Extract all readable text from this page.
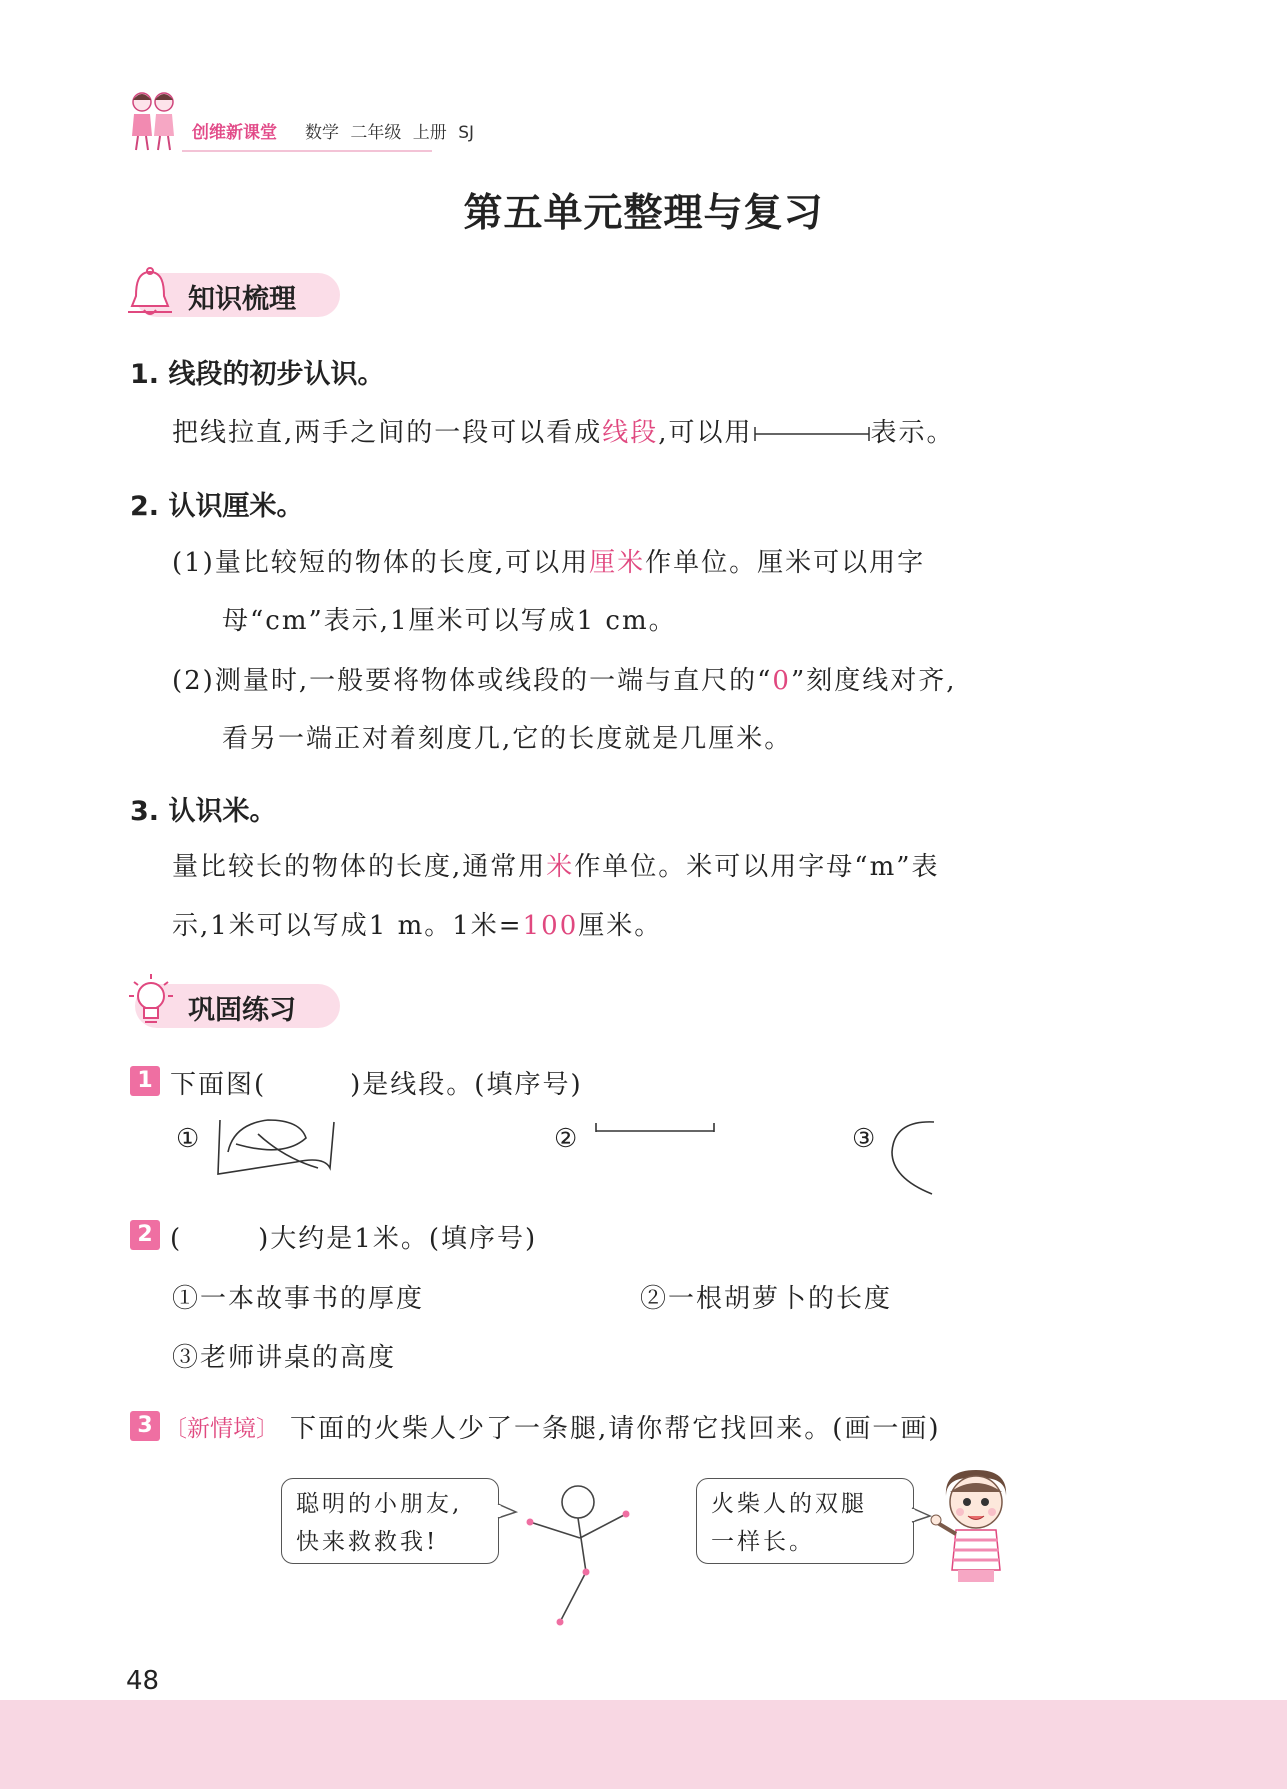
创维新课堂 数学 二年级 上册 SJ
第五单元整理与复习
知识梳理
1. 线段的初步认识。
把线拉直,两手之间的一段可以看成线段,可以用	表示。
2. 认识厘米。
(1)量比较短的物体的长度,可以用厘米作单位。厘米可以用字
母“cm”表示,1厘米可以写成1 cm。
(2)测量时,一般要将物体或线段的一端与直尺的“0”刻度线对齐,
看另一端正对着刻度几,它的长度就是几厘米。
3. 认识米。
量比较长的物体的长度,通常用米作单位。米可以用字母“m”表
示,1米可以写成1 m。1米=100厘米。
巩固练习
1 下面图(	)是线段。(填序号)
①	②	③
2 (	)大约是1米。(填序号)
①一本故事书的厚度	②一根胡萝卜的长度
③老师讲桌的高度
3 〔新情境〕 下面的火柴人少了一条腿,请你帮它找回来。(画一画)
聪明的小朋友,
快来救救我!
火柴人的双腿
一样长。
48
